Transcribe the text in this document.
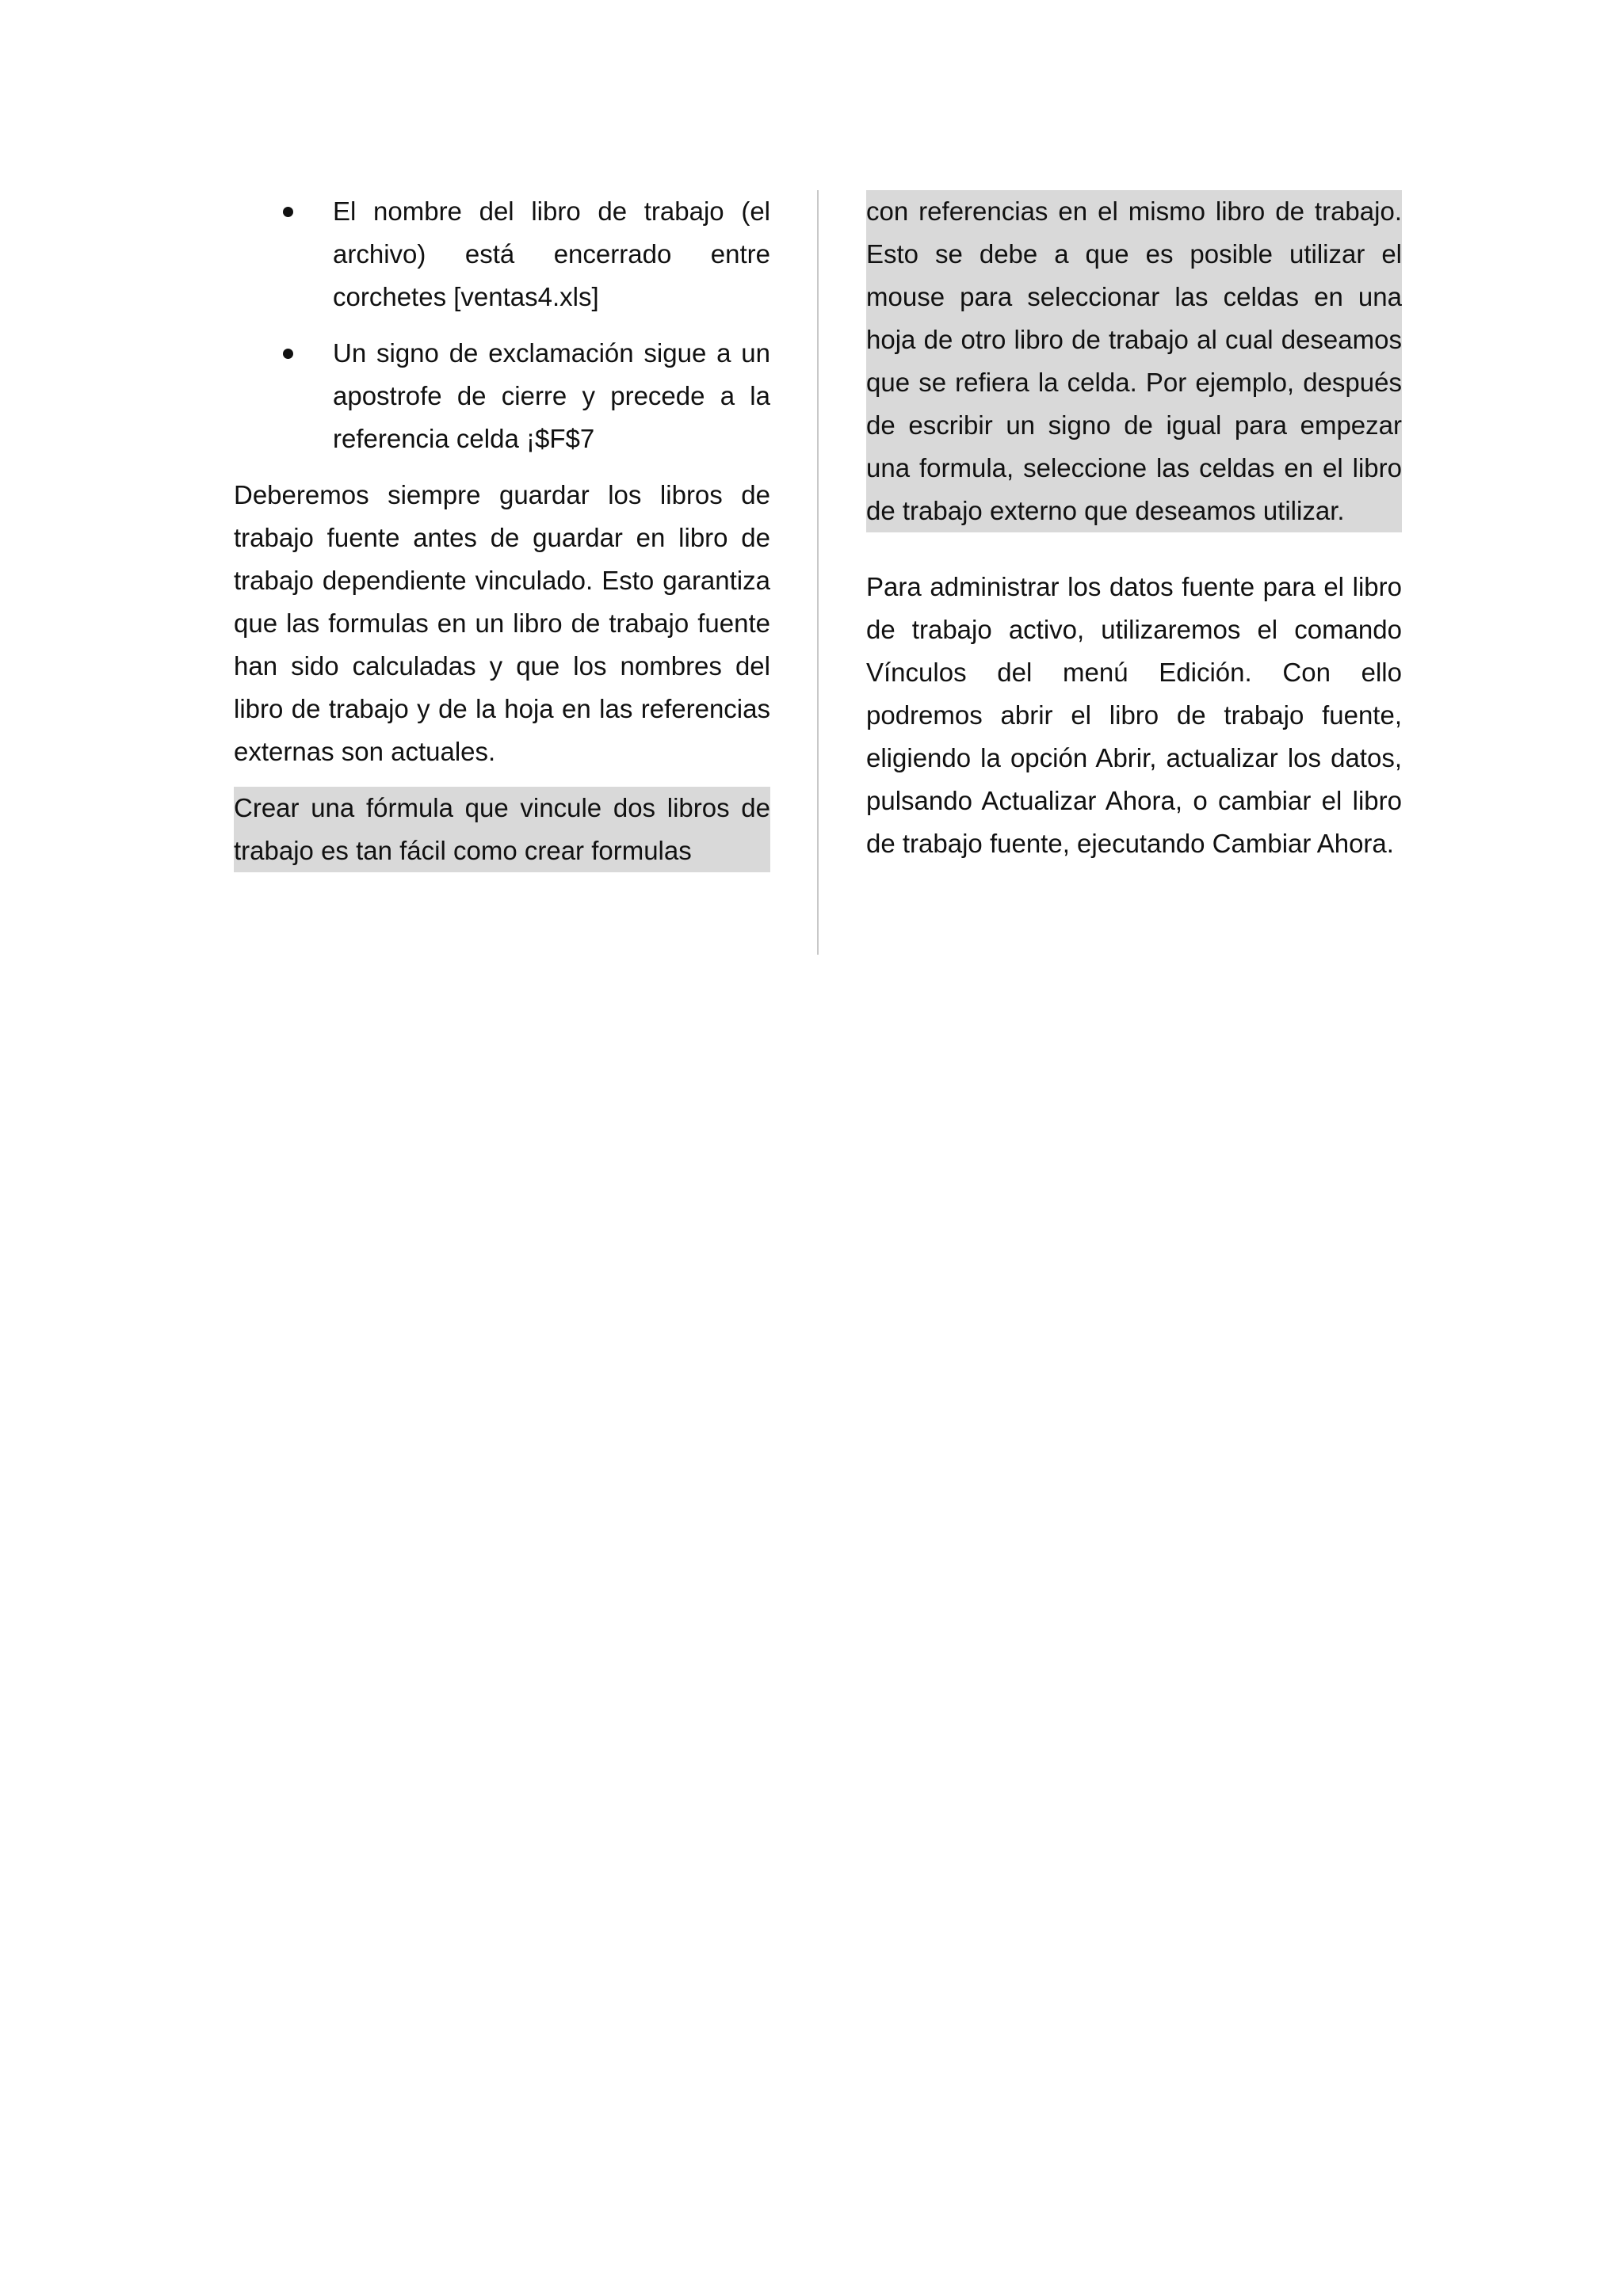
El nombre del libro de trabajo (el archivo) está encerrado entre corchetes [ventas4.xls]
Un signo de exclamación sigue a un apostrofe de cierre y precede a la referencia celda ¡$F$7

Deberemos siempre guardar los libros de trabajo fuente antes de guardar en libro de trabajo dependiente vinculado. Esto garantiza que las formulas en un libro de trabajo fuente han sido calculadas y que los nombres del libro de trabajo y de la hoja en las referencias externas son actuales.

Crear una fórmula que vincule dos libros de trabajo es tan fácil como crear formulas

con referencias en el mismo libro de trabajo. Esto se debe a que es posible utilizar el mouse para seleccionar las celdas en una hoja de otro libro de trabajo al cual deseamos que se refiera la celda. Por ejemplo, después de escribir un signo de igual para empezar una formula, seleccione las celdas en el libro de trabajo externo que deseamos utilizar.

Para administrar los datos fuente para el libro de trabajo activo, utilizaremos el comando Vínculos del menú Edición. Con ello podremos abrir el libro de trabajo fuente, eligiendo la opción Abrir, actualizar los datos, pulsando Actualizar Ahora, o cambiar el libro de trabajo fuente, ejecutando Cambiar Ahora.
